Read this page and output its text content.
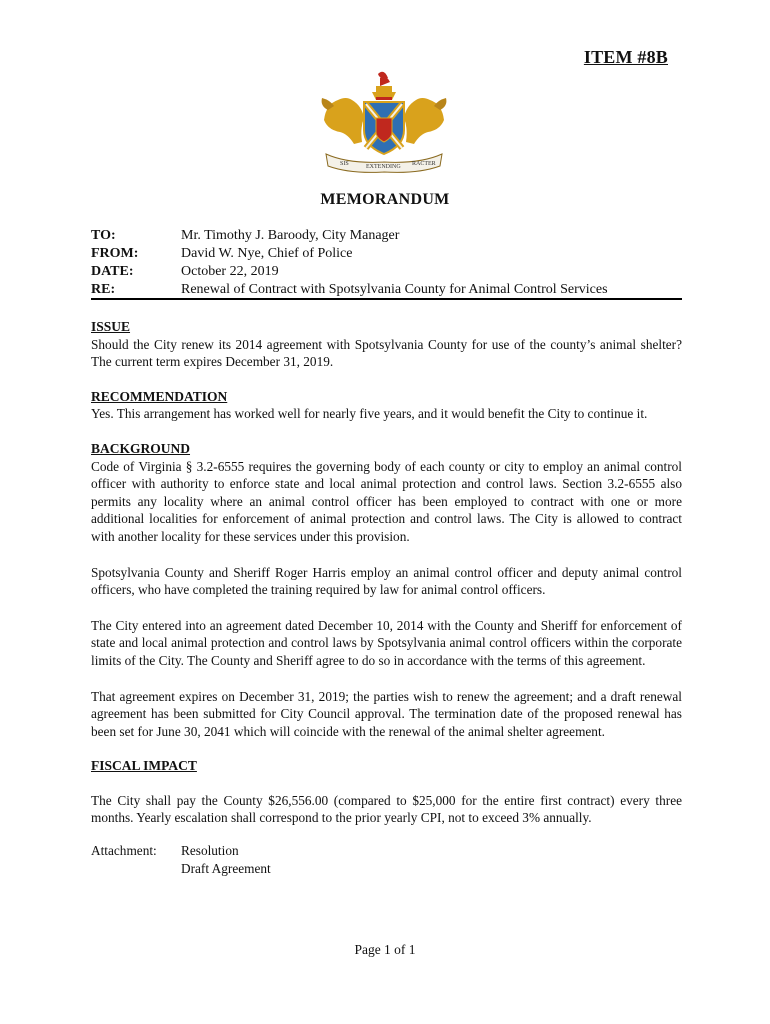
ITEM #8B
SIS	EXTENDING RACTER
MEMORANDUM
TO:	Mr. Timothy J. Baroody, City Manager
FROM:	David W. Nye, Chief of Police
DATE:	October 22, 2019
RE:	Renewal of Contract with Spotsylvania County for Animal Control Services

ISSUE

Should the City renew its 2014 agreement with Spotsylvania County for use of the county’s animal shelter? The current term expires December 31, 2019.

RECOMMENDATION

Yes. This arrangement has worked well for nearly five years, and it would benefit the City to continue it.

BACKGROUND

Code of Virginia § 3.2-6555 requires the governing body of each county or city to employ an animal control officer with authority to enforce state and local animal protection and control laws. Section 3.2-6555 also permits any locality where an animal control officer has been employed to contract with one or more additional localities for enforcement of animal protection and control laws. The City is allowed to contract with another locality for these services under this provision.

Spotsylvania County and Sheriff Roger Harris employ an animal control officer and deputy animal control officers, who have completed the training required by law for animal control officers.

The City entered into an agreement dated December 10, 2014 with the County and Sheriff for enforcement of state and local animal protection and control laws by Spotsylvania animal control officers within the corporate limits of the City. The County and Sheriff agree to do so in accordance with the terms of this agreement.

That agreement expires on December 31, 2019; the parties wish to renew the agreement; and a draft renewal agreement has been submitted for City Council approval. The termination date of the proposed renewal has been set for June 30, 2041 which will coincide with the renewal of the animal shelter agreement.

FISCAL IMPACT

The City shall pay the County $26,556.00 (compared to $25,000 for the entire first contract) every three months. Yearly escalation shall correspond to the prior yearly CPI, not to exceed 3% annually.

Attachment:	Resolution
Draft Agreement
Page 1 of 1
